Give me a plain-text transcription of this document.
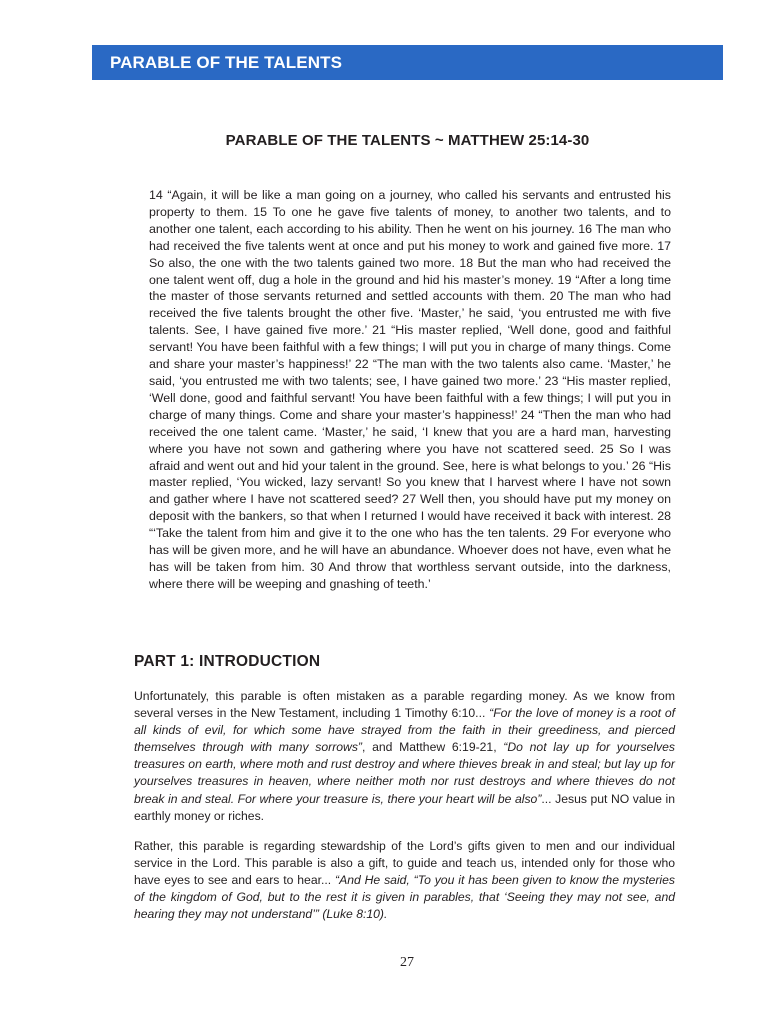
PARABLE OF THE TALENTS
PARABLE OF THE TALENTS ~ MATTHEW 25:14-30

14 “Again, it will be like a man going on a journey, who called his servants and entrusted his property to them. 15 To one he gave five talents of money, to another two talents, and to another one talent, each according to his ability. Then he went on his journey. 16 The man who had received the five talents went at once and put his money to work and gained five more. 17 So also, the one with the two talents gained two more. 18 But the man who had received the one talent went off, dug a hole in the ground and hid his master’s money. 19 “After a long time the master of those servants returned and settled accounts with them. 20 The man who had received the five talents brought the other five. ‘Master,’ he said, ‘you entrusted me with five talents. See, I have gained five more.’ 21 “His master replied, ‘Well done, good and faithful servant! You have been faithful with a few things; I will put you in charge of many things. Come and share your master’s happiness!’ 22 “The man with the two talents also came. ‘Master,’ he said, ‘you entrusted me with two talents; see, I have gained two more.’ 23 “His master replied, ‘Well done, good and faithful servant! You have been faithful with a few things; I will put you in charge of many things. Come and share your master’s happiness!’ 24 “Then the man who had received the one talent came. ‘Master,’ he said, ‘I knew that you are a hard man, harvesting where you have not sown and gathering where you have not scattered seed. 25 So I was afraid and went out and hid your talent in the ground. See, here is what belongs to you.’ 26 “His master replied, ‘You wicked, lazy servant! So you knew that I harvest where I have not sown and gather where I have not scattered seed? 27 Well then, you should have put my money on deposit with the bankers, so that when I returned I would have received it back with interest. 28 “‘Take the talent from him and give it to the one who has the ten talents. 29 For everyone who has will be given more, and he will have an abundance. Whoever does not have, even what he has will be taken from him. 30 And throw that worthless servant outside, into the darkness, where there will be weeping and gnashing of teeth.’

PART 1: INTRODUCTION

Unfortunately, this parable is often mistaken as a parable regarding money. As we know from several verses in the New Testament, including 1 Timothy 6:10... “For the love of money is a root of all kinds of evil, for which some have strayed from the faith in their greediness, and pierced themselves through with many sorrows”, and Matthew 6:19-21, “Do not lay up for yourselves treasures on earth, where moth and rust destroy and where thieves break in and steal; but lay up for yourselves treasures in heaven, where neither moth nor rust destroys and where thieves do not break in and steal. For where your treasure is, there your heart will be also”... Jesus put NO value in earthly money or riches.

Rather, this parable is regarding stewardship of the Lord’s gifts given to men and our individual service in the Lord. This parable is also a gift, to guide and teach us, intended only for those who have eyes to see and ears to hear... “And He said, “To you it has been given to know the mysteries of the kingdom of God, but to the rest it is given in parables, that ‘Seeing they may not see, and hearing they may not understand’” (Luke 8:10).

27
